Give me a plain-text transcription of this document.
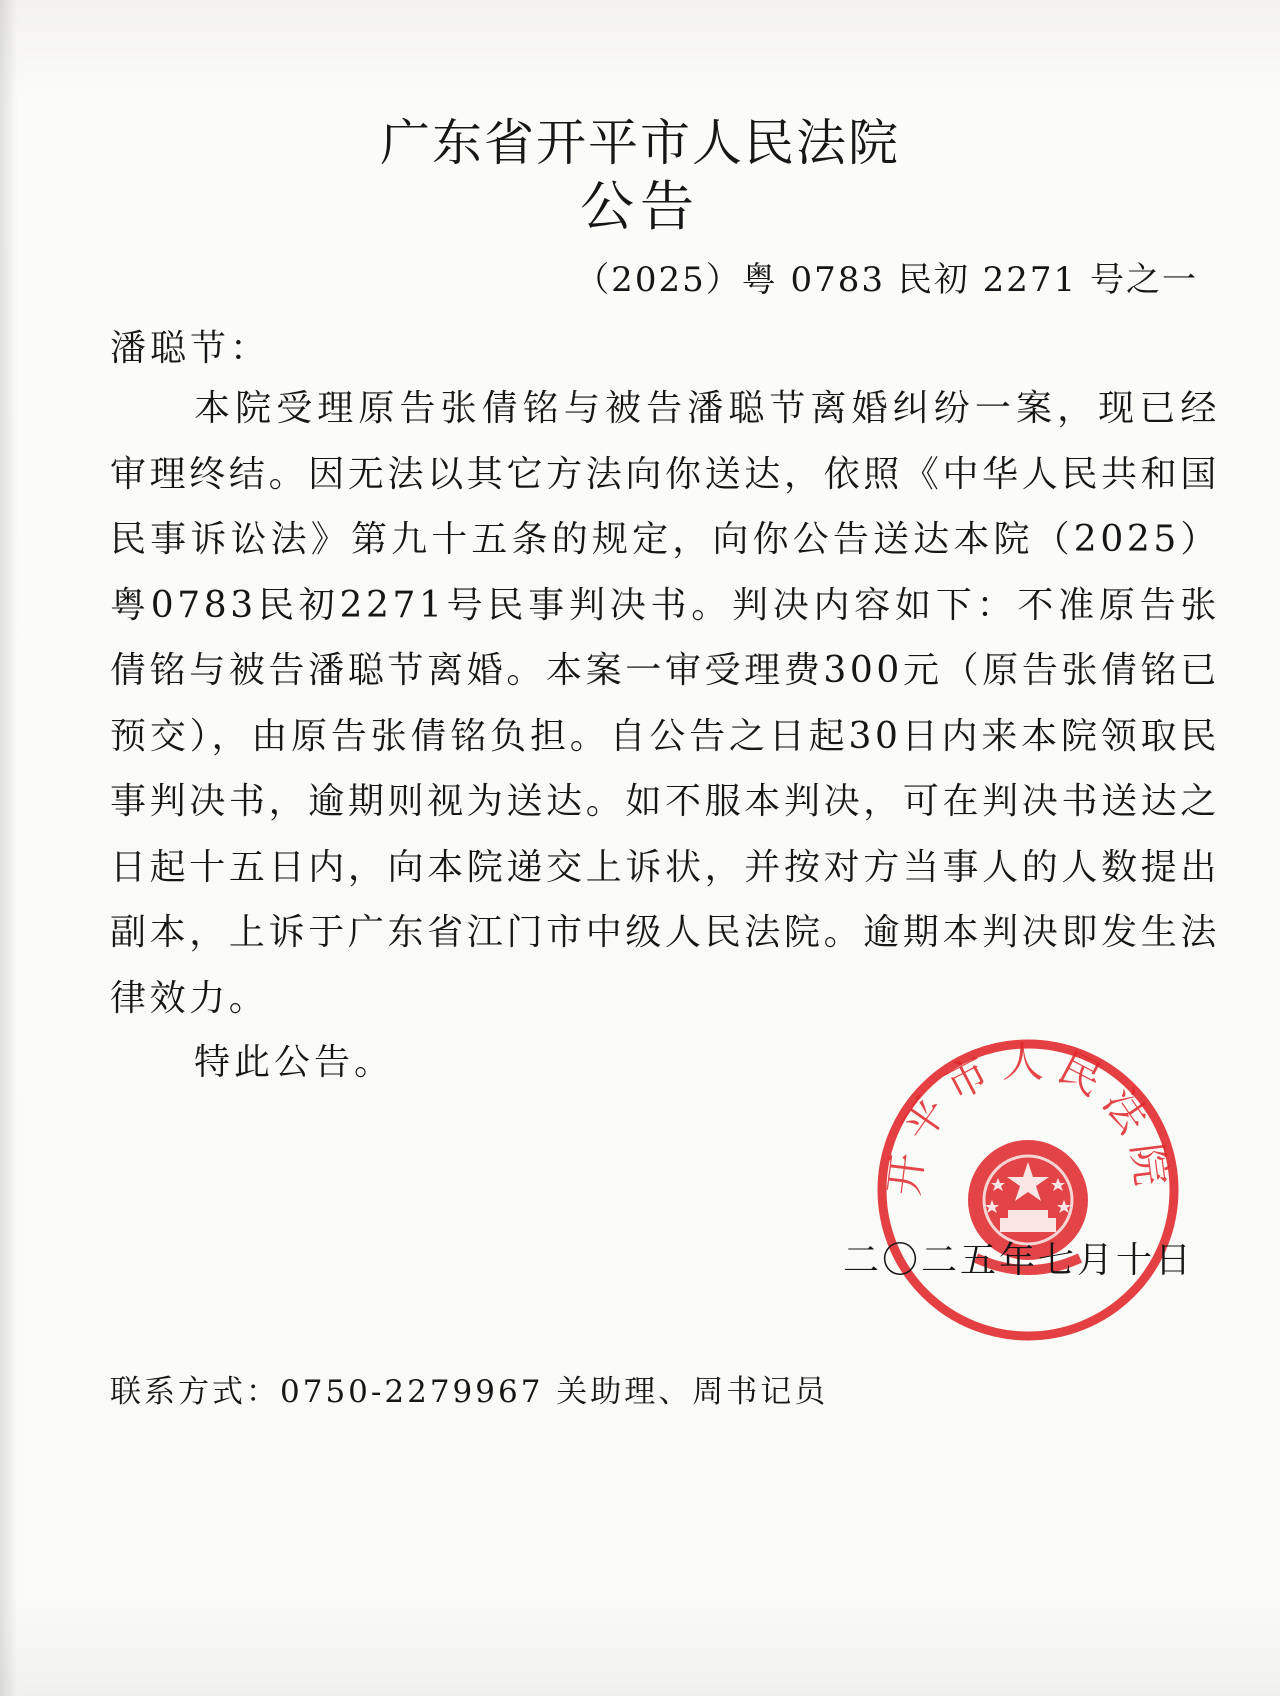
广东省开平市人民法院
公告
（2025）粤 0783 民初 2271 号之一
潘聪节：

本院受理原告张倩铭与被告潘聪节离婚纠纷一案，现已经审理终结。因无法以其它方法向你送达，依照《中华人民共和国民事诉讼法》第九十五条的规定，向你公告送达本院（2025）粤0783民初2271号民事判决书。判决内容如下：不准原告张倩铭与被告潘聪节离婚。本案一审受理费300元（原告张倩铭已预交），由原告张倩铭负担。自公告之日起30日内来本院领取民事判决书，逾期则视为送达。如不服本判决，可在判决书送达之日起十五日内，向本院递交上诉状，并按对方当事人的人数提出副本，上诉于广东省江门市中级人民法院。逾期本判决即发生法律效力。

特此公告。
开平市人民法院
二〇二五年七月十日
联系方式：0750-2279967 关助理、周书记员
